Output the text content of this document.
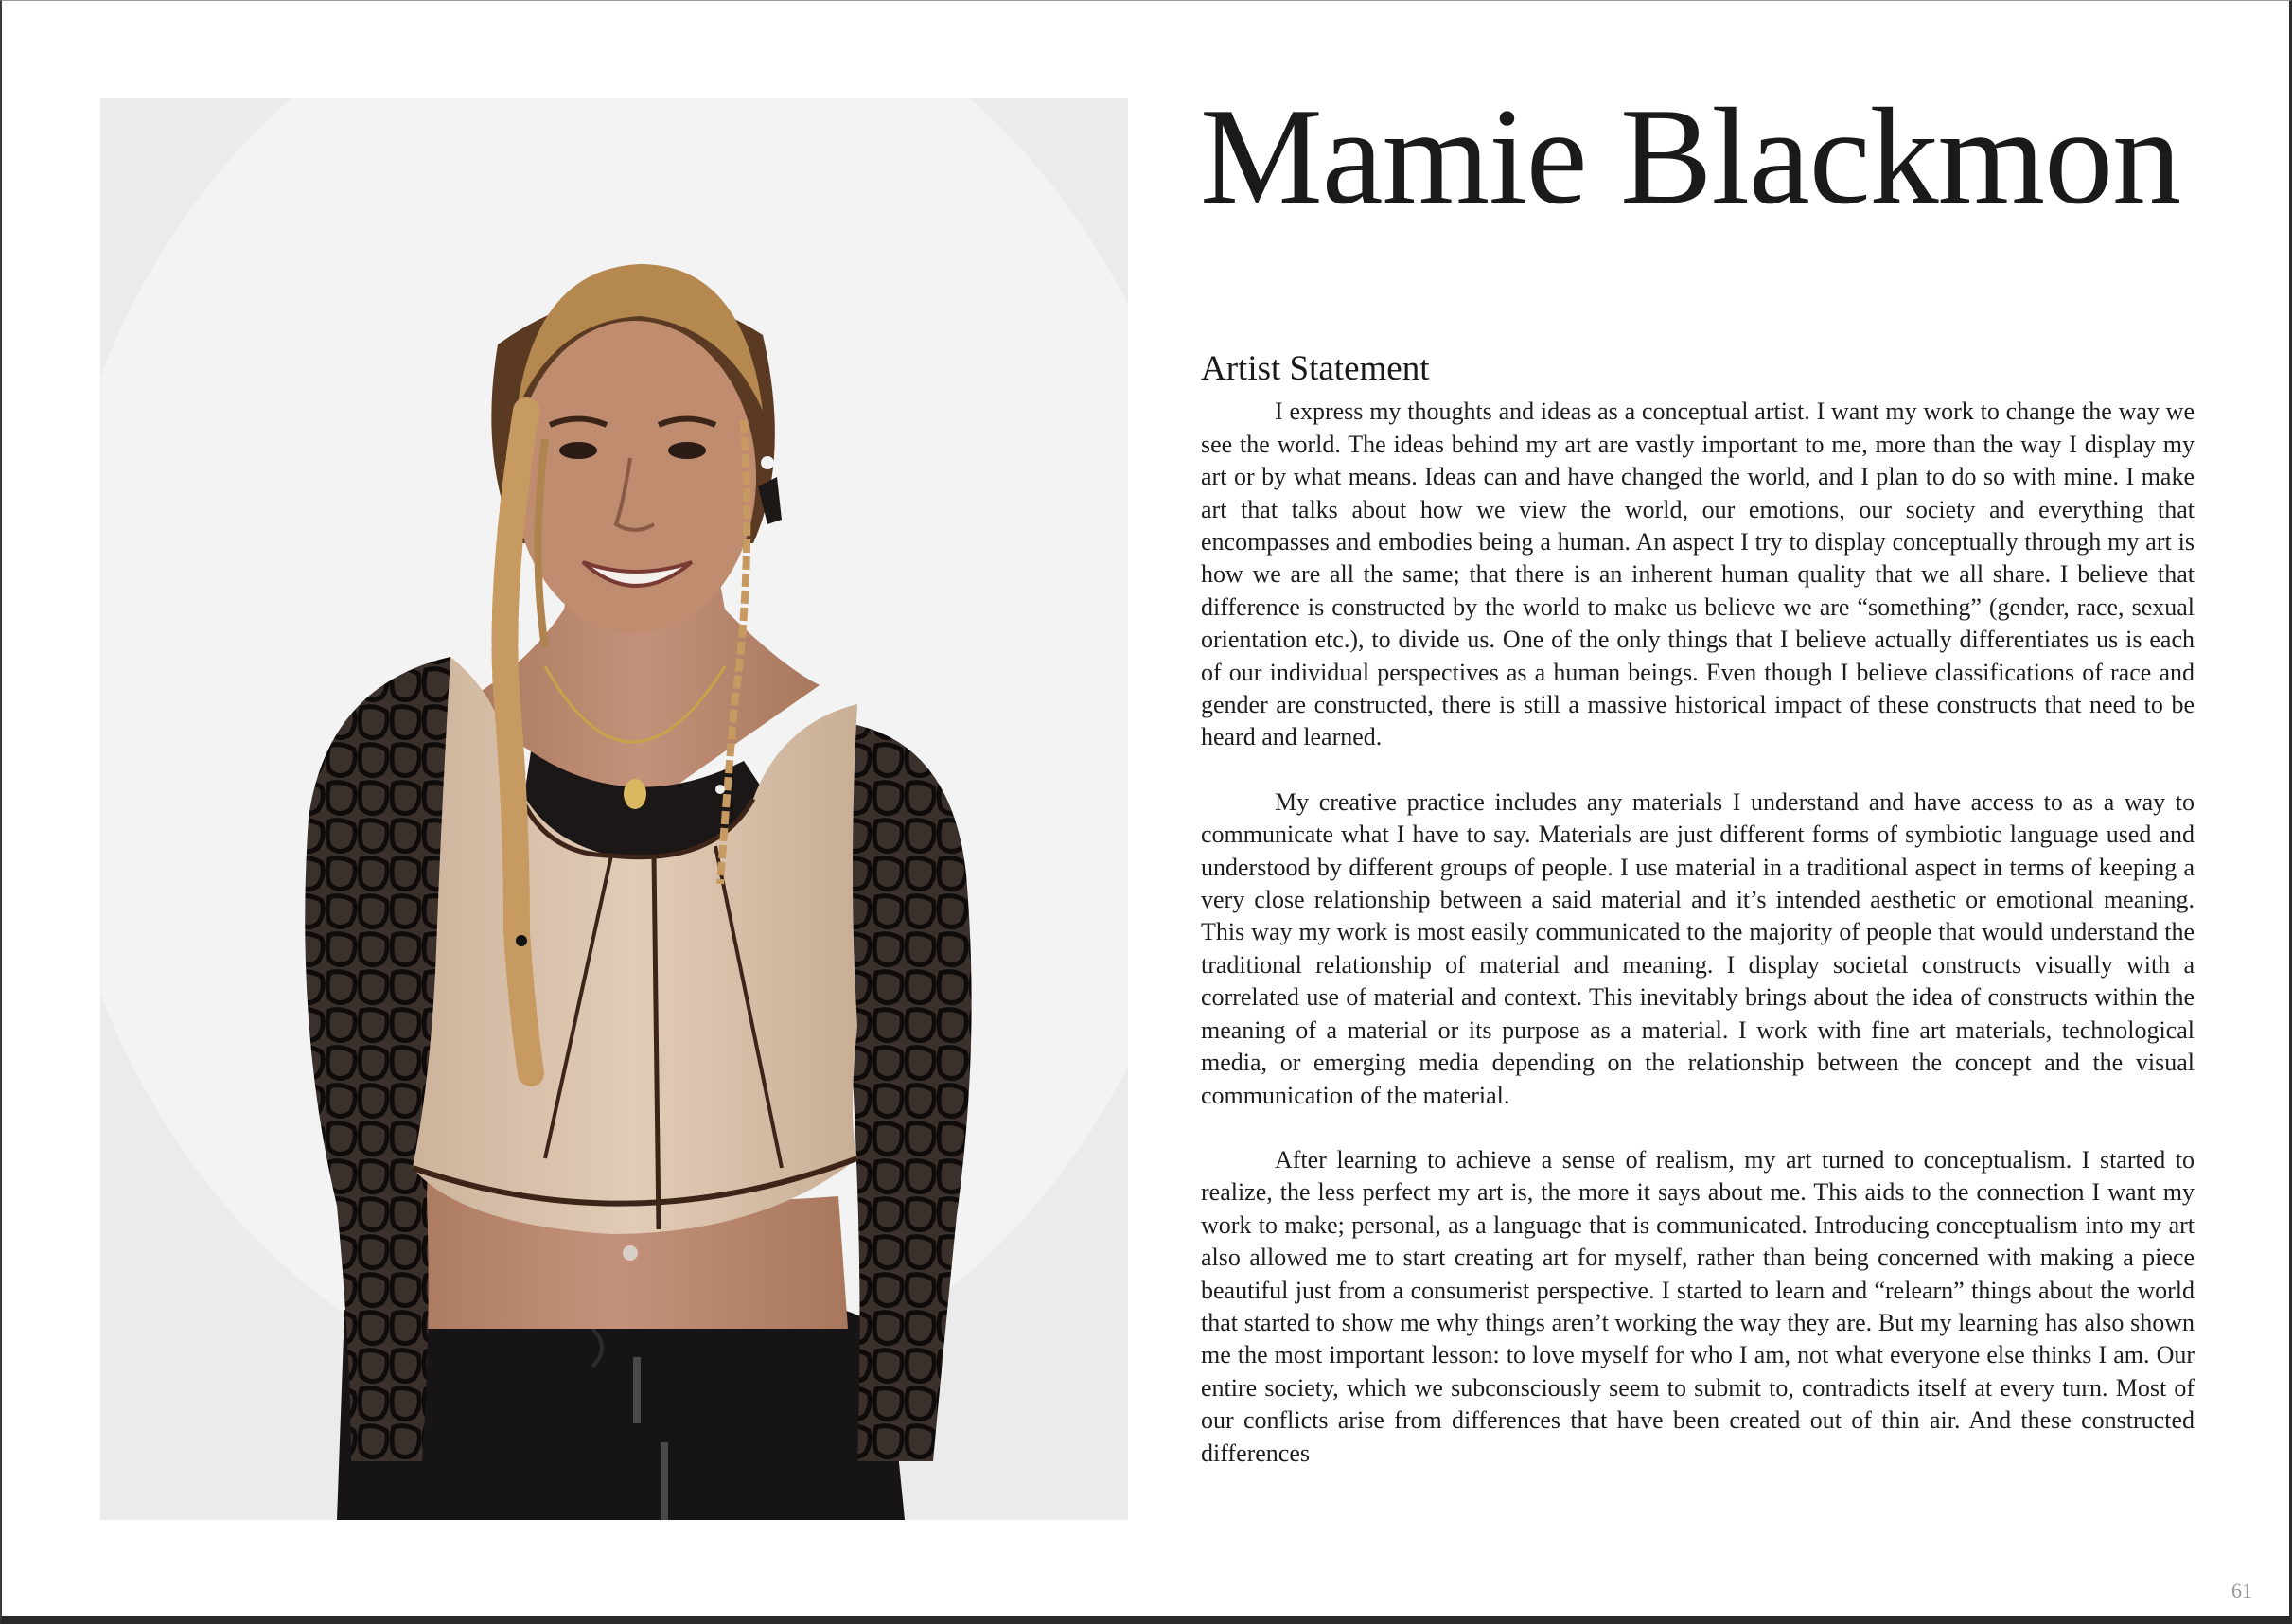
Mamie Blackmon
Artist Statement

I express my thoughts and ideas as a conceptual artist. I want my work to change the way we see the world. The ideas behind my art are vastly important to me, more than the way I display my art or by what means. Ideas can and have changed the world, and I plan to do so with mine. I make art that talks about how we view the world, our emotions, our society and everything that encompasses and embodies being a human. An aspect I try to display conceptually through my art is how we are all the same; that there is an inherent human quality that we all share. I believe that difference is constructed by the world to make us believe we are “something” (gender, race, sexual orientation etc.), to divide us. One of the only things that I believe actually differentiates us is each of our individual perspectives as a human beings. Even though I believe classifications of race and gender are constructed, there is still a massive historical impact of these constructs that need to be heard and learned.

My creative practice includes any materials I understand and have access to as a way to communicate what I have to say. Materials are just different forms of symbiotic language used and understood by different groups of people. I use material in a traditional aspect in terms of keeping a very close relationship between a said material and it’s intended aesthetic or emotional meaning. This way my work is most easily communicated to the majority of people that would understand the traditional relationship of material and meaning. I display societal constructs visually with a correlated use of material and context. This inevitably brings about the idea of constructs within the meaning of a material or its purpose as a material. I work with fine art materials, technological media, or emerging media depending on the relationship between the concept and the visual communication of the material.

After learning to achieve a sense of realism, my art turned to conceptualism. I started to realize, the less perfect my art is, the more it says about me. This aids to the connection I want my work to make; personal, as a language that is communicated. Introducing conceptualism into my art also allowed me to start creating art for myself, rather than being concerned with making a piece beautiful just from a consumerist perspective. I started to learn and “relearn” things about the world that started to show me why things aren’t working the way they are. But my learning has also shown me the most important lesson: to love myself for who I am, not what everyone else thinks I am. Our entire society, which we subconsciously seem to submit to, contradicts itself at every turn. Most of our conflicts arise from differences that have been created out of thin air. And these constructed differences

61
